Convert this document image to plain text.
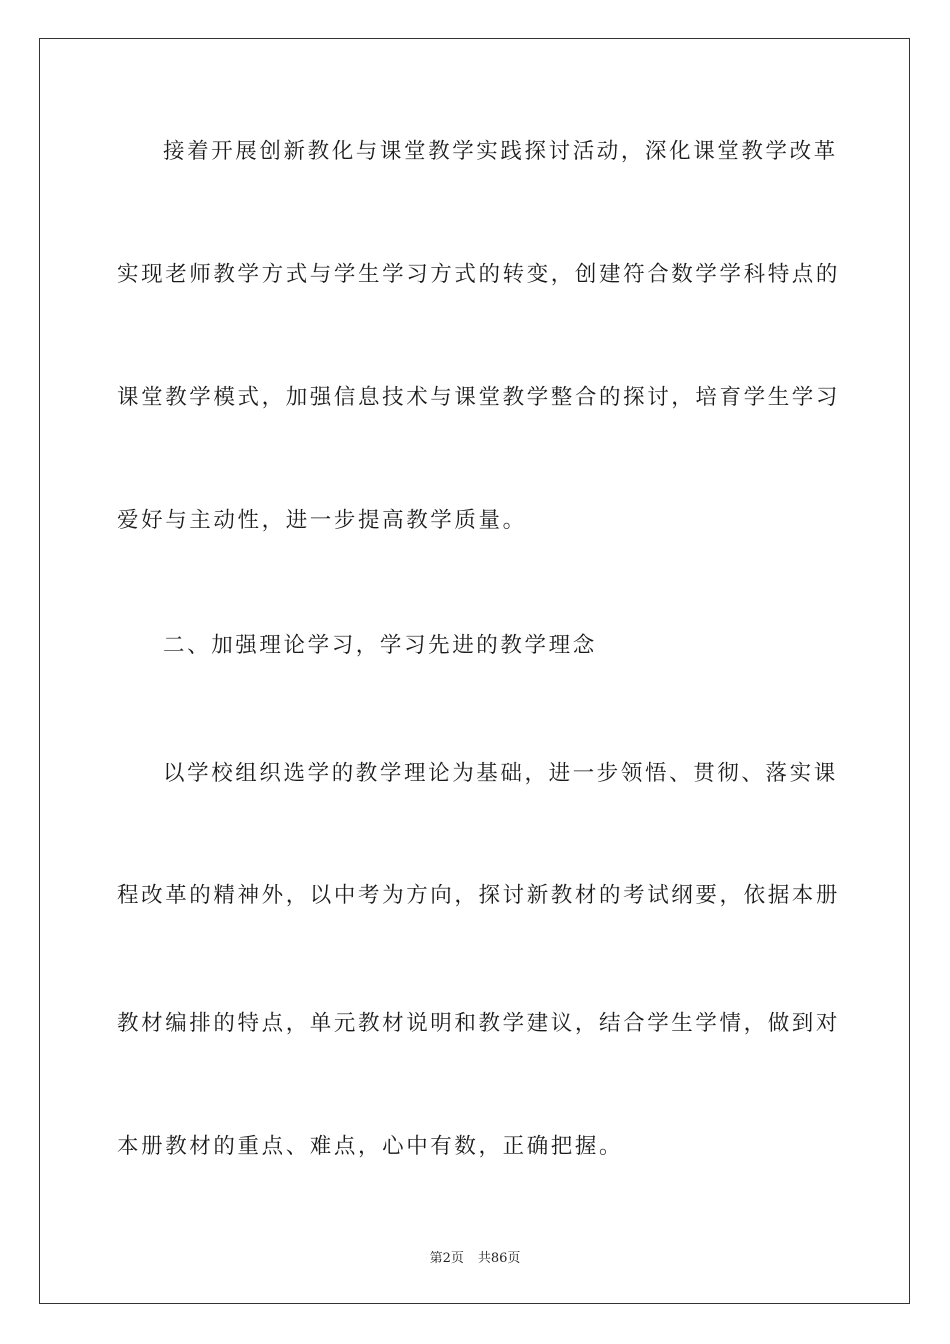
接着开展创新教化与课堂教学实践探讨活动，深化课堂教学改革
实现老师教学方式与学生学习方式的转变，创建符合数学学科特点的
课堂教学模式，加强信息技术与课堂教学整合的探讨，培育学生学习
爱好与主动性，进一步提高教学质量。
二、加强理论学习，学习先进的教学理念
以学校组织选学的教学理论为基础，进一步领悟、贯彻、落实课
程改革的精神外，以中考为方向，探讨新教材的考试纲要，依据本册
教材编排的特点，单元教材说明和教学建议，结合学生学情，做到对
本册教材的重点、难点，心中有数，正确把握。
第2页 共86页
